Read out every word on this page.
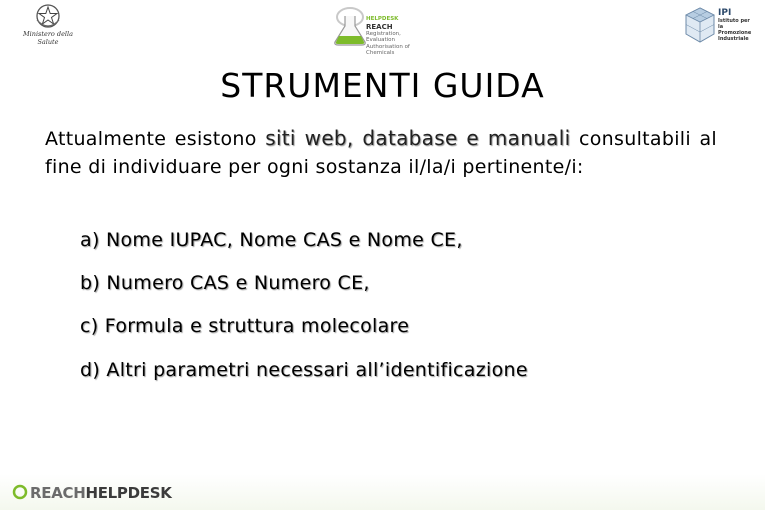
Ministero della
Salute
HELPDESK
REACH
Registration, Evaluation
Authorisation of Chemicals
IPI
Istituto per la
Promozione
Industriale
STRUMENTI GUIDA
Attualmente esistono siti web, database e manuali consultabili al fine di individuare per ogni sostanza il/la/i pertinente/i:
a) Nome IUPAC, Nome CAS e Nome CE,
b) Numero CAS e Numero CE,
c) Formula e struttura molecolare
d) Altri parametri necessari all’identificazione
REACHHELPDESK
